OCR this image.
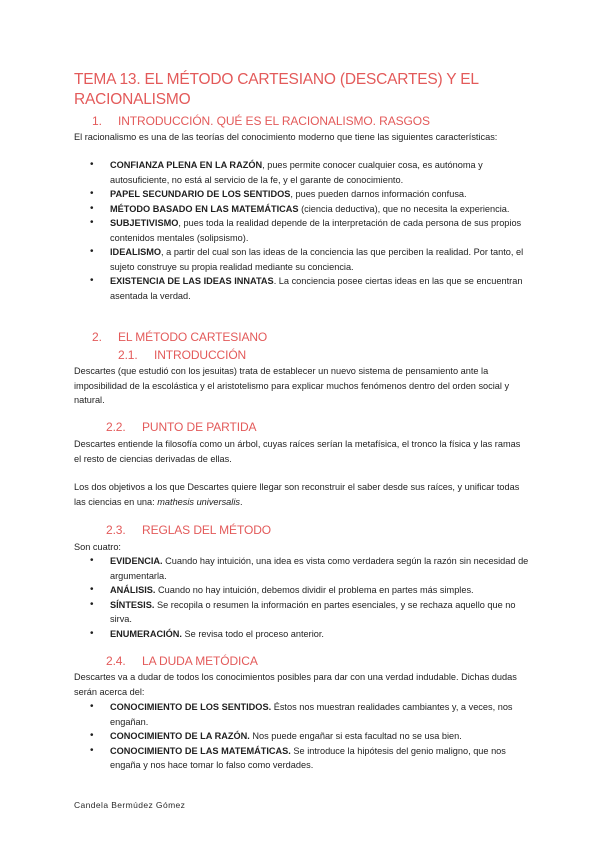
TEMA 13. EL MÉTODO CARTESIANO (DESCARTES) Y EL RACIONALISMO
1. INTRODUCCIÓN. QUÉ ES EL RACIONALISMO. RASGOS
El racionalismo es una de las teorías del conocimiento moderno que tiene las siguientes características:
• CONFIANZA PLENA EN LA RAZÓN, pues permite conocer cualquier cosa, es autónoma y autosuficiente, no está al servicio de la fe, y el garante de conocimiento.
• PAPEL SECUNDARIO DE LOS SENTIDOS, pues pueden darnos información confusa.
• MÉTODO BASADO EN LAS MATEMÁTICAS (ciencia deductiva), que no necesita la experiencia.
• SUBJETIVISMO, pues toda la realidad depende de la interpretación de cada persona de sus propios contenidos mentales (solipsismo).
• IDEALISMO, a partir del cual son las ideas de la conciencia las que perciben la realidad. Por tanto, el sujeto construye su propia realidad mediante su conciencia.
• EXISTENCIA DE LAS IDEAS INNATAS. La conciencia posee ciertas ideas en las que se encuentran asentada la verdad.
2. EL MÉTODO CARTESIANO
2.1. INTRODUCCIÓN
Descartes (que estudió con los jesuitas) trata de establecer un nuevo sistema de pensamiento ante la imposibilidad de la escolástica y el aristotelismo para explicar muchos fenómenos dentro del orden social y natural.
2.2. PUNTO DE PARTIDA
Descartes entiende la filosofía como un árbol, cuyas raíces serían la metafísica, el tronco la física y las ramas el resto de ciencias derivadas de ellas.
Los dos objetivos a los que Descartes quiere llegar son reconstruir el saber desde sus raíces, y unificar todas las ciencias en una: mathesis universalis.
2.3. REGLAS DEL MÉTODO
Son cuatro:
• EVIDENCIA. Cuando hay intuición, una idea es vista como verdadera según la razón sin necesidad de argumentarla.
• ANÁLISIS. Cuando no hay intuición, debemos dividir el problema en partes más simples.
• SÍNTESIS. Se recopila o resumen la información en partes esenciales, y se rechaza aquello que no sirva.
• ENUMERACIÓN. Se revisa todo el proceso anterior.
2.4. LA DUDA METÓDICA
Descartes va a dudar de todos los conocimientos posibles para dar con una verdad indudable. Dichas dudas serán acerca del:
• CONOCIMIENTO DE LOS SENTIDOS. Éstos nos muestran realidades cambiantes y, a veces, nos engañan.
• CONOCIMIENTO DE LA RAZÓN. Nos puede engañar si esta facultad no se usa bien.
• CONOCIMIENTO DE LAS MATEMÁTICAS. Se introduce la hipótesis del genio maligno, que nos engaña y nos hace tomar lo falso como verdades.
Candela Bermúdez Gómez
